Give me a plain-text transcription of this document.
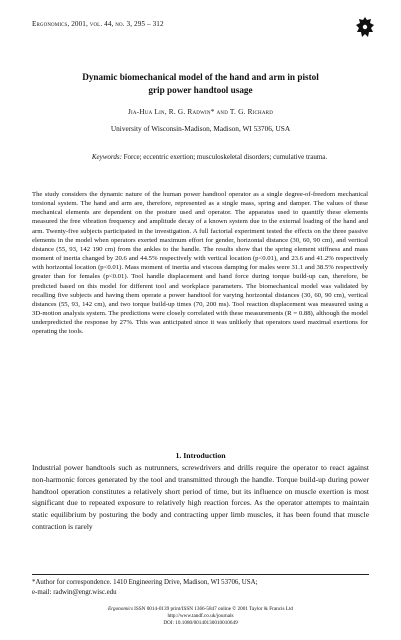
Ergonomics, 2001, vol. 44, no. 3, 295 – 312
Dynamic biomechanical model of the hand and arm in pistol
grip power handtool usage
Jia-Hua Lin, R. G. Radwin* and T. G. Richard
University of Wisconsin-Madison, Madison, WI 53706, USA
Keywords: Force; eccentric exertion; musculoskeletal disorders; cumulative trauma.

The study considers the dynamic nature of the human power handtool operator as a single degree-of-freedom mechanical torsional system. The hand and arm are, therefore, represented as a single mass, spring and damper. The values of these mechanical elements are dependent on the posture used and operator. The apparatus used to quantify these elements measured the free vibration frequency and amplitude decay of a known system due to the external loading of the hand and arm. Twenty-five subjects participated in the investigation. A full factorial experiment tested the effects on the three passive elements in the model when operators exerted maximum effort for gender, horizontal distance (30, 60, 90 cm), and vertical distance (55, 93, 142 190 cm) from the ankles to the handle. The results show that the spring element stiffness and mass moment of inertia changed by 20.6 and 44.5% respectively with vertical location (p<0.01), and 23.6 and 41.2% respectively with horizontal location (p<0.01). Mass moment of inertia and viscous damping for males were 31.1 and 38.5% respectively greater than for females (p<0.01). Tool handle displacement and hand force during torque build-up can, therefore, be predicted based on this model for different tool and workplace parameters. The biomechanical model was validated by recalling five subjects and having them operate a power handtool for varying horizontal distances (30, 60, 90 cm), vertical distances (55, 93, 142 cm), and two torque build-up times (70, 200 ms). Tool reaction displacement was measured using a 3D-motion analysis system. The predictions were closely correlated with these measurements (R = 0.88), although the model underpredicted the response by 27%. This was anticipated since it was unlikely that operators used maximal exertions for operating the tools.

1. Introduction

Industrial power handtools such as nutrunners, screwdrivers and drills require the operator to react against non-harmonic forces generated by the tool and transmitted through the handle. Torque build-up during power handtool operation constitutes a relatively short period of time, but its influence on muscle exertion is most significant due to repeated exposure to relatively high reaction forces. As the operator attempts to maintain static equilibrium by posturing the body and contracting upper limb muscles, it has been found that muscle contraction is rarely

*Author for correspondence. 1410 Engineering Drive, Madison, WI 53706, USA;
e-mail: radwin@engr.wisc.edu
Ergonomics ISSN 0014-0139 print/ISSN 1366-5847 online © 2001 Taylor & Francis Ltd
http://www.tandf.co.uk/journals
DOI: 10.1080/00140130010010649
